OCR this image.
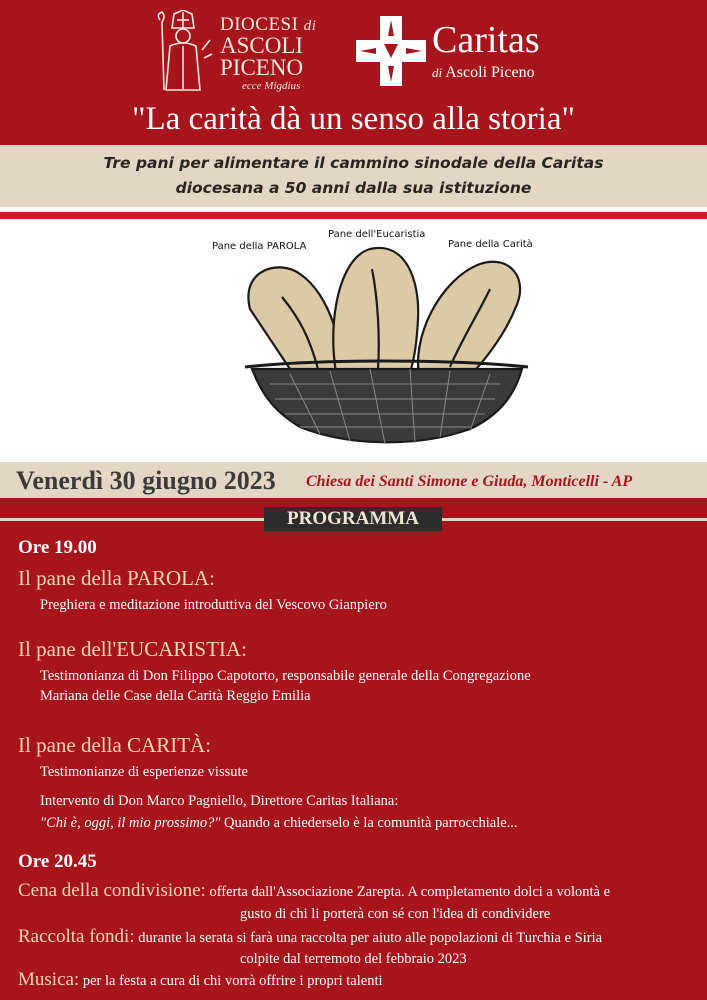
DIOCESI di
ASCOLI
PICENO
ecce Migdius
Caritas
di Ascoli Piceno
"La carità dà un senso alla storia"
Tre pani per alimentare il cammino sinodale della Caritas
diocesana a 50 anni dalla sua istituzione
Pane della PAROLA
Pane dell'Eucaristia
Pane della Carità
Venerdì 30 giugno 2023 Chiesa dei Santi Simone e Giuda, Monticelli - AP
PROGRAMMA
Ore 19.00
Il pane della PAROLA:
Preghiera e meditazione introduttiva del Vescovo Gianpiero
Il pane dell'EUCARISTIA:
Testimonianza di Don Filippo Capotorto, responsabile generale della Congregazione
Mariana delle Case della Carità Reggio Emilia
Il pane della CARITÀ:
Testimonianze di esperienze vissute
Intervento di Don Marco Pagniello, Direttore Caritas Italiana:
"Chi è, oggi, il mio prossimo?" Quando a chiederselo è la comunità parrocchiale...
Ore 20.45
Cena della condivisione: offerta dall'Associazione Zarepta. A completamento dolci a volontà e
gusto di chi li porterà con sé con l'idea di condividere
Raccolta fondi: durante la serata si farà una raccolta per aiuto alle popolazioni di Turchia e Siria
colpite dal terremoto del febbraio 2023
Musica: per la festa a cura di chi vorrà offrire i propri talenti
